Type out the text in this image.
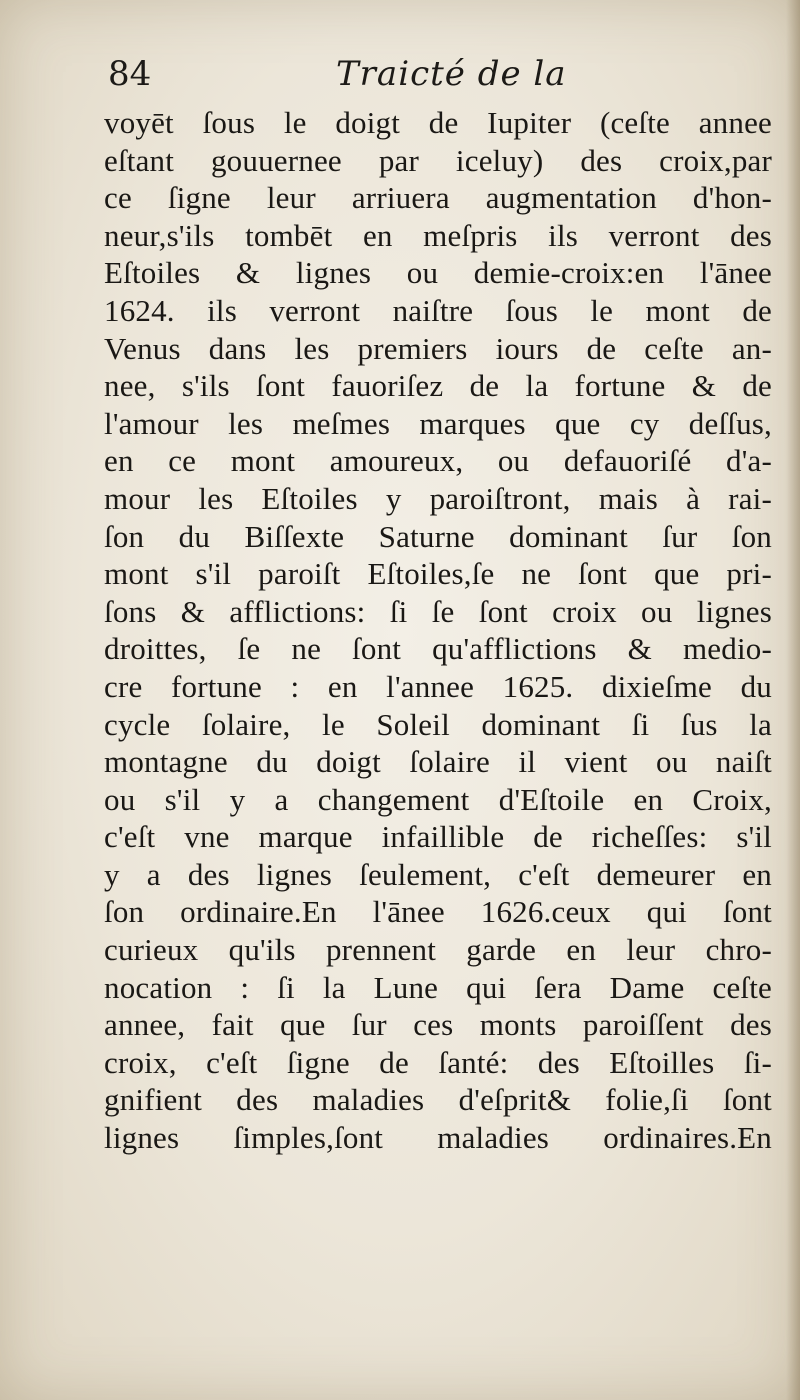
84	Traicté de la
voyēt ſous le doigt de Iupiter (ceſte annee
eſtant gouuernee par iceluy) des croix,par
ce ſigne leur arriuera augmentation d'hon-
neur,s'ils tombēt en meſpris ils verront des
Eſtoiles & lignes ou demie-croix:en l'ānee
1624. ils verront naiſtre ſous le mont de
Venus dans les premiers iours de ceſte an-
nee, s'ils ſont fauoriſez de la fortune & de
l'amour les meſmes marques que cy deſſus,
en ce mont amoureux, ou defauoriſé d'a-
mour les Eſtoiles y paroiſtront, mais à rai-
ſon du Biſſexte Saturne dominant ſur ſon
mont s'il paroiſt Eſtoiles,ſe ne ſont que pri-
ſons & afflictions: ſi ſe ſont croix ou lignes
droittes, ſe ne ſont qu'afflictions & medio-
cre fortune : en l'annee 1625. dixieſme du
cycle ſolaire, le Soleil dominant ſi ſus la
montagne du doigt ſolaire il vient ou naiſt
ou s'il y a changement d'Eſtoile en Croix,
c'eſt vne marque infaillible de richeſſes: s'il
y a des lignes ſeulement, c'eſt demeurer en
ſon ordinaire.En l'ānee 1626.ceux qui ſont
curieux qu'ils prennent garde en leur chro-
nocation : ſi la Lune qui ſera Dame ceſte
annee, fait que ſur ces monts paroiſſent des
croix, c'eſt ſigne de ſanté: des Eſtoilles ſi-
gnifient des maladies d'eſprit& folie,ſi ſont
lignes ſimples,ſont maladies ordinaires.En
